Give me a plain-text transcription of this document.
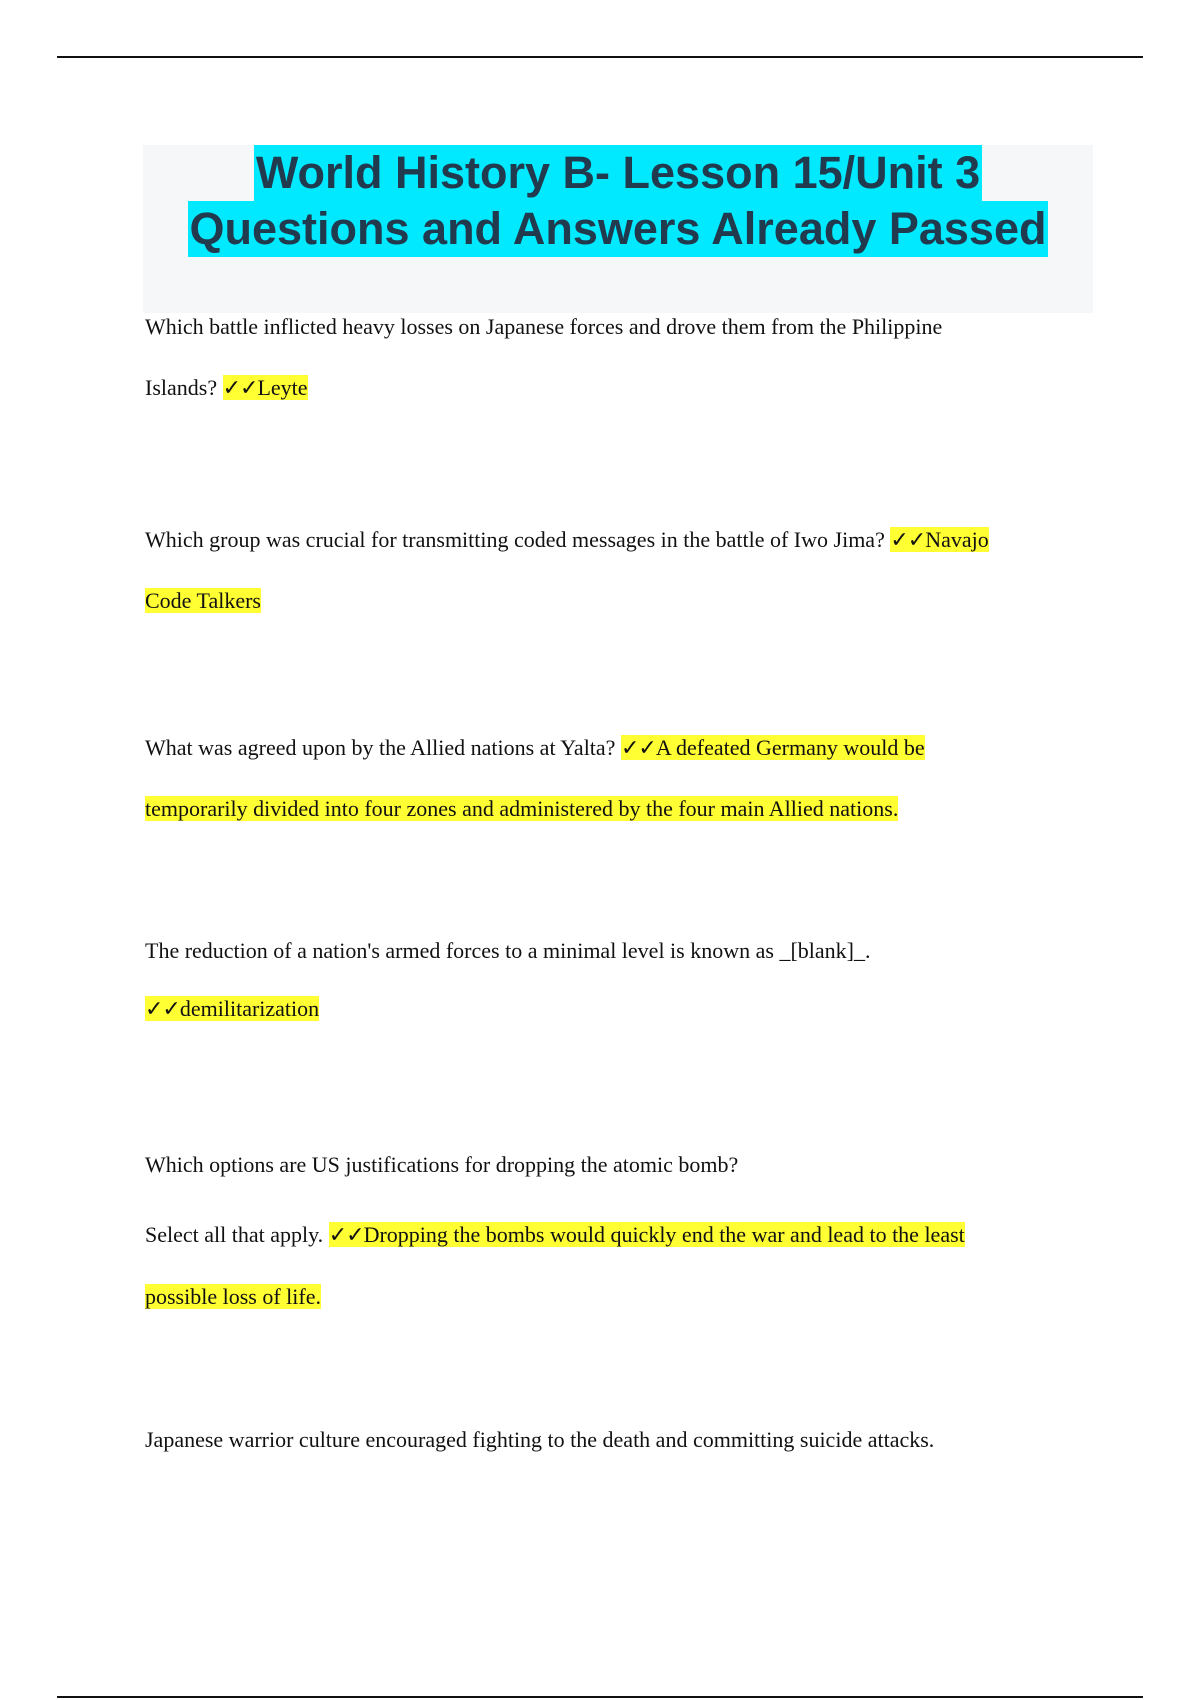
World History B- Lesson 15/Unit 3
Questions and Answers Already Passed
Which battle inflicted heavy losses on Japanese forces and drove them from the Philippine
Islands? ✓✓Leyte
Which group was crucial for transmitting coded messages in the battle of Iwo Jima? ✓✓Navajo
Code Talkers
What was agreed upon by the Allied nations at Yalta? ✓✓A defeated Germany would be
temporarily divided into four zones and administered by the four main Allied nations.
The reduction of a nation's armed forces to a minimal level is known as _[blank]_.
✓✓demilitarization
Which options are US justifications for dropping the atomic bomb?
Select all that apply. ✓✓Dropping the bombs would quickly end the war and lead to the least
possible loss of life.
Japanese warrior culture encouraged fighting to the death and committing suicide attacks.
